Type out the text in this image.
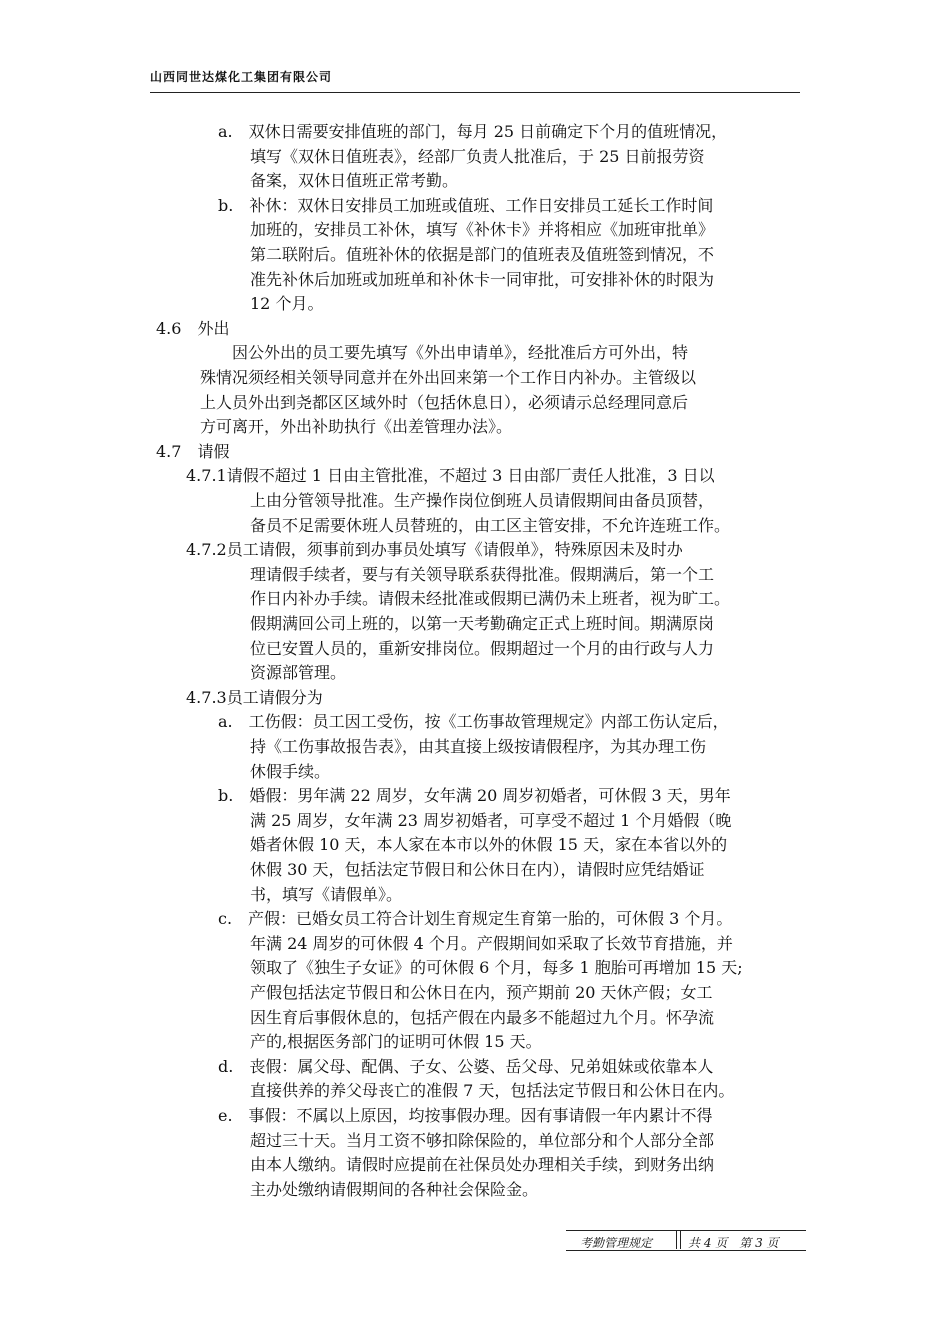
山西同世达煤化工集团有限公司
a.　双休日需要安排值班的部门，每月 25 日前确定下个月的值班情况，
填写《双休日值班表》，经部厂负责人批准后，于 25 日前报劳资
备案，双休日值班正常考勤。
b.　补休：双休日安排员工加班或值班、工作日安排员工延长工作时间
加班的，安排员工补休，填写《补休卡》并将相应《加班审批单》
第二联附后。值班补休的依据是部门的值班表及值班签到情况，不
准先补休后加班或加班单和补休卡一同审批，可安排补休的时限为
12 个月。
4.6　外出
因公外出的员工要先填写《外出申请单》，经批准后方可外出，特
殊情况须经相关领导同意并在外出回来第一个工作日内补办。主管级以
上人员外出到尧都区区域外时（包括休息日），必须请示总经理同意后
方可离开，外出补助执行《出差管理办法》。
4.7　请假
4.7.1请假不超过 1 日由主管批准，不超过 3 日由部厂责任人批准，3 日以
上由分管领导批准。生产操作岗位倒班人员请假期间由备员顶替，
备员不足需要休班人员替班的，由工区主管安排，不允许连班工作。
4.7.2员工请假，须事前到办事员处填写《请假单》，特殊原因未及时办
理请假手续者，要与有关领导联系获得批准。假期满后，第一个工
作日内补办手续。请假未经批准或假期已满仍未上班者，视为旷工。
假期满回公司上班的，以第一天考勤确定正式上班时间。期满原岗
位已安置人员的，重新安排岗位。假期超过一个月的由行政与人力
资源部管理。
4.7.3员工请假分为
a.　工伤假：员工因工受伤，按《工伤事故管理规定》内部工伤认定后，
持《工伤事故报告表》，由其直接上级按请假程序，为其办理工伤
休假手续。
b.　婚假：男年满 22 周岁，女年满 20 周岁初婚者，可休假 3 天，男年
满 25 周岁，女年满 23 周岁初婚者，可享受不超过 1 个月婚假（晚
婚者休假 10 天，本人家在本市以外的休假 15 天，家在本省以外的
休假 30 天，包括法定节假日和公休日在内），请假时应凭结婚证
书，填写《请假单》。
c.　产假：已婚女员工符合计划生育规定生育第一胎的，可休假 3 个月。
年满 24 周岁的可休假 4 个月。产假期间如采取了长效节育措施，并
领取了《独生子女证》的可休假 6 个月，每多 1 胞胎可再增加 15 天;
产假包括法定节假日和公休日在内，预产期前 20 天休产假；女工
因生育后事假休息的，包括产假在内最多不能超过九个月。怀孕流
产的,根据医务部门的证明可休假 15 天。
d.　丧假：属父母、配偶、子女、公婆、岳父母、兄弟姐妹或依靠本人
直接供养的养父母丧亡的准假 7 天，包括法定节假日和公休日在内。
e.　事假：不属以上原因，均按事假办理。因有事请假一年内累计不得
超过三十天。当月工资不够扣除保险的，单位部分和个人部分全部
由本人缴纳。请假时应提前在社保员处办理相关手续，到财务出纳
主办处缴纳请假期间的各种社会保险金。
考勤管理规定	共 4 页　第 3 页
